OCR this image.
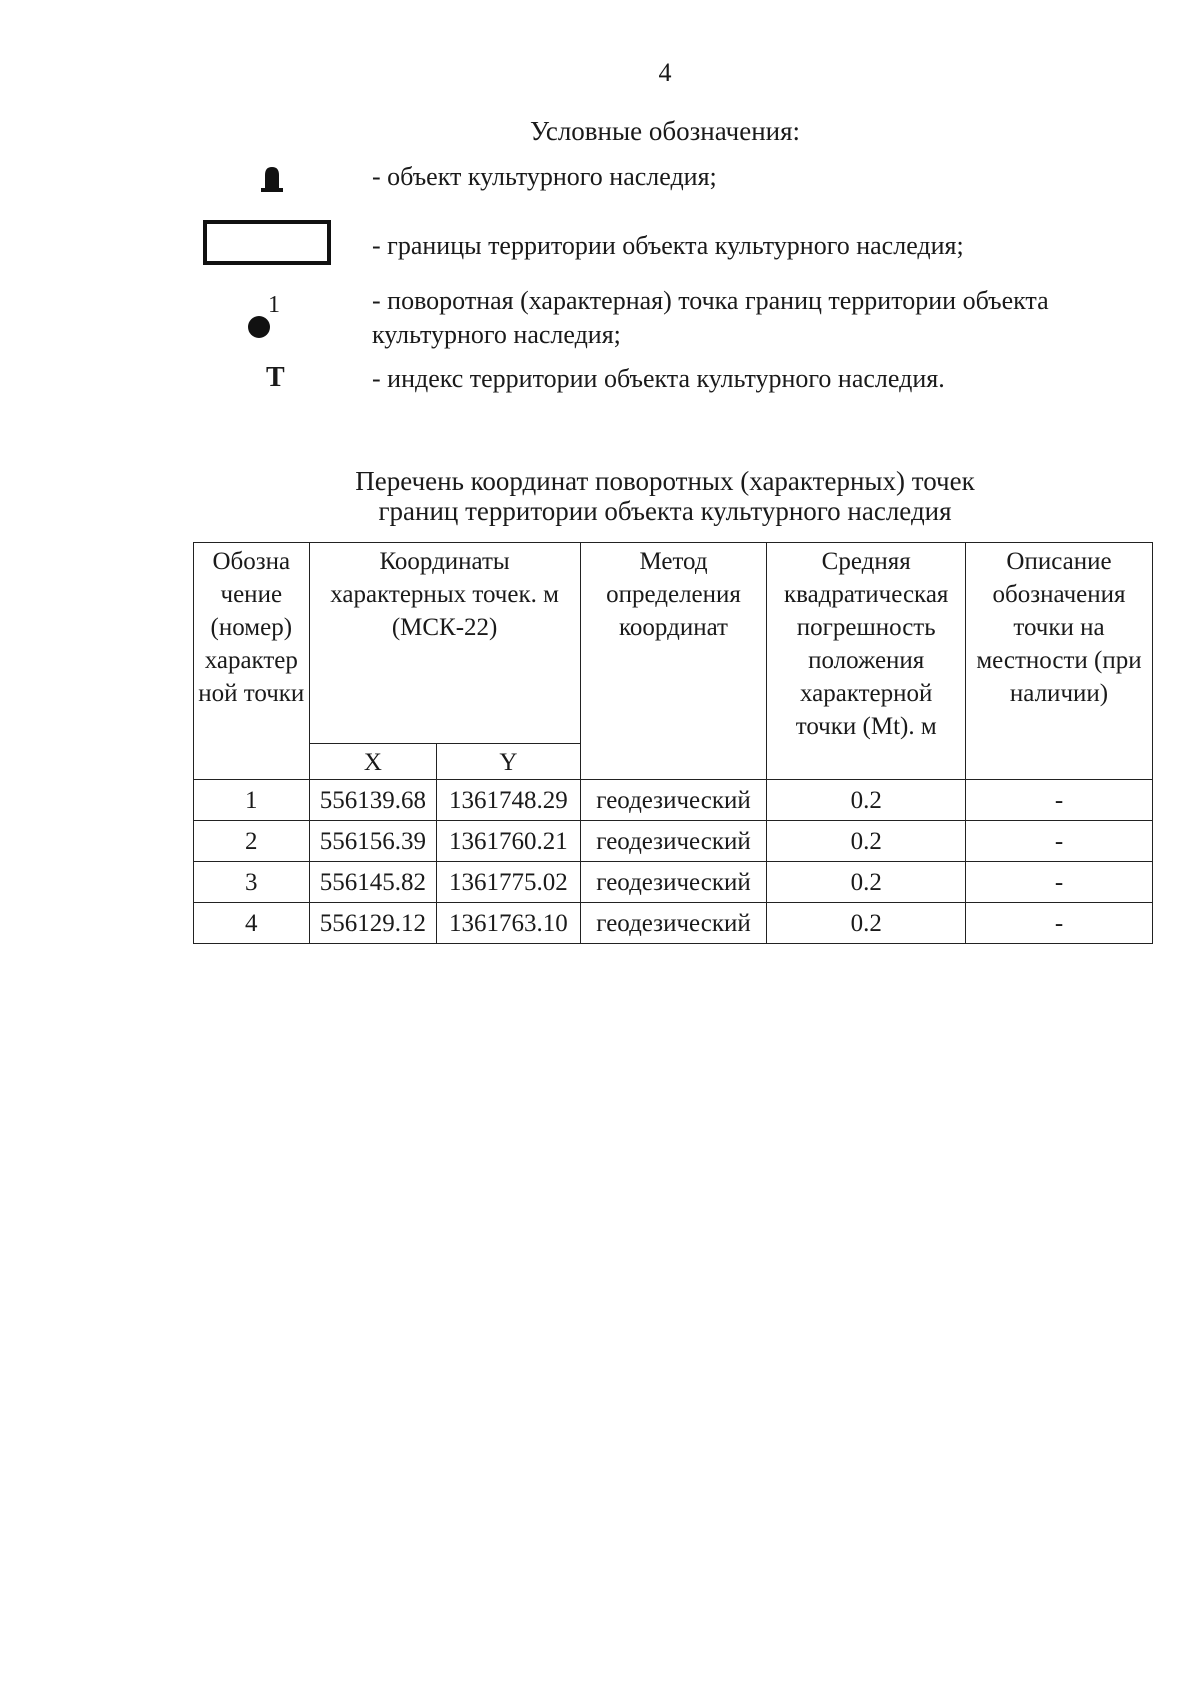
4
Условные обозначения:
- объект культурного наследия;
- границы территории объекта культурного наследия;
1	- поворотная (характерная) точка границ территории объекта культурного наследия;
Т	- индекс территории объекта культурного наследия.
Перечень координат поворотных (характерных) точек
границ территории объекта культурного наследия
Обозна чение (номер) характер ной точки	Координаты характерных точек. м (МСК-22)		Метод определения координат	Средняя квадратическая погрешность положения характерной точки (Mt). м	Описание обозначения точки на местности (при наличии)
	X	Y			
1	556139.68	1361748.29	геодезический	0.2	-
2	556156.39	1361760.21	геодезический	0.2	-
3	556145.82	1361775.02	геодезический	0.2	-
4	556129.12	1361763.10	геодезический	0.2	-
